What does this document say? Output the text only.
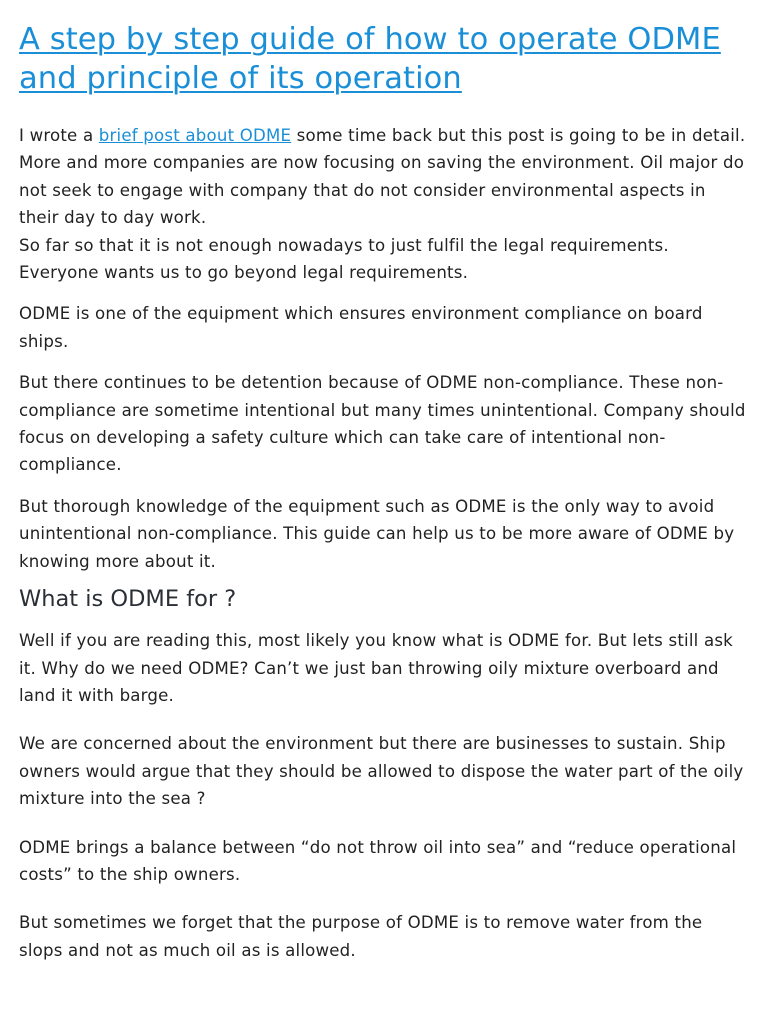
A step by step guide of how to operate ODME and principle of its operation

I wrote a brief post about ODME some time back but this post is going to be in detail. More and more companies are now focusing on saving the environment. Oil major do not seek to engage with company that do not consider environmental aspects in their day to day work.
So far so that it is not enough nowadays to just fulfil the legal requirements. Everyone wants us to go beyond legal requirements.

ODME is one of the equipment which ensures environment compliance on board ships.

But there continues to be detention because of ODME non-compliance. These non-compliance are sometime intentional but many times unintentional. Company should focus on developing a safety culture which can take care of intentional non-compliance.

But thorough knowledge of the equipment such as ODME is the only way to avoid unintentional non-compliance. This guide can help us to be more aware of ODME by knowing more about it.

What is ODME for ?

Well if you are reading this, most likely you know what is ODME for. But lets still ask it. Why do we need ODME? Can’t we just ban throwing oily mixture overboard and land it with barge.

We are concerned about the environment but there are businesses to sustain. Ship owners would argue that they should be allowed to dispose the water part of the oily mixture into the sea ?

ODME brings a balance between “do not throw oil into sea” and “reduce operational costs” to the ship owners.

But sometimes we forget that the purpose of ODME is to remove water from the slops and not as much oil as is allowed.
